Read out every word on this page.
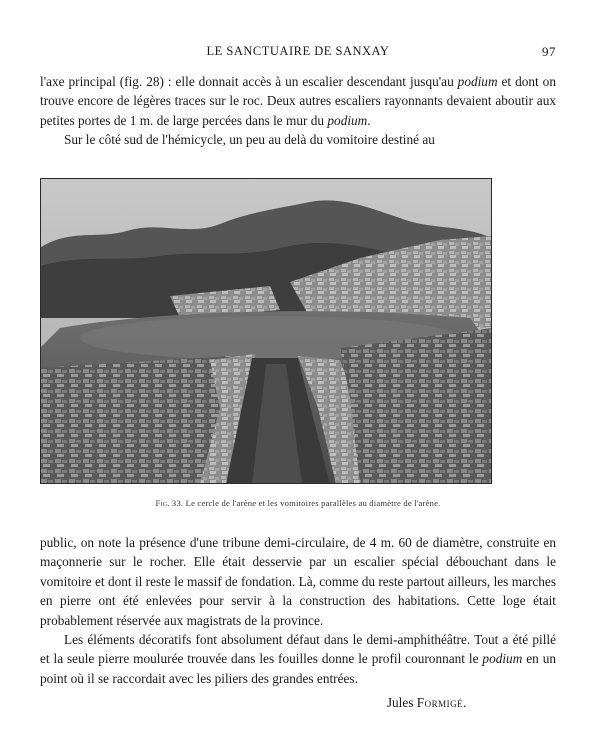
LE SANCTUAIRE DE SANXAY	97

l'axe principal (fig. 28) : elle donnait accès à un escalier descendant jusqu'au podium et dont on trouve encore de légères traces sur le roc. Deux autres escaliers rayonnants devaient aboutir aux petites portes de 1 m. de large percées dans le mur du podium.

Sur le côté sud de l'hémicycle, un peu au delà du vomitoire destiné au

Fig. 33. Le cercle de l'arène et les vomitoires parallèles au diamètre de l'arène.

public, on note la présence d'une tribune demi-circulaire, de 4 m. 60 de diamètre, construite en maçonnerie sur le rocher. Elle était desservie par un escalier spécial débouchant dans le vomitoire et dont il reste le massif de fondation. Là, comme du reste partout ailleurs, les marches en pierre ont été enlevées pour servir à la construction des habitations. Cette loge était probablement réservée aux magistrats de la province.

Les éléments décoratifs font absolument défaut dans le demi-amphithéâtre. Tout a été pillé et la seule pierre moulurée trouvée dans les fouilles donne le profil couronnant le podium en un point où il se raccordait avec les piliers des grandes entrées.

Jules Formigé.
